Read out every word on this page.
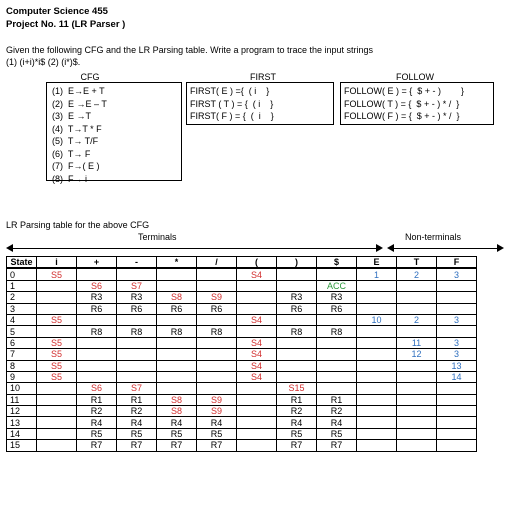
Computer Science 455
Project No. 11 (LR Parser )
Given the following CFG and the LR Parsing table. Write a program to trace the input strings
(1) (i+i)*i$ (2) (i*)$.
CFG
(1)  E→E + T
(2)  E →E – T
(3)  E →T
(4)  T→T * F
(5)  T→ T/F
(6)  T→ F
(7)  F→( E )
(8)  F→ i
FIRST
FIRST( E ) ={  ( i    }
FIRST ( T ) = {  ( i    }
FIRST( F ) = {  (  i    }
FOLLOW
FOLLOW( E ) = {  $ + - )        }
FOLLOW( T ) = {  $ + - ) * /  }
FOLLOW( F ) = {  $ + - ) * /  }
LR Parsing table for the above CFG
Terminals	Non-terminals
State	i	+	-	*	/	(	)	$	E	T	F
0	S5					S4			1	2	3
1		S6	S7					ACC			
2		R3	R3	S8	S9		R3	R3			
3		R6	R6	R6	R6		R6	R6			
4	S5					S4			10	2	3
5		R8	R8	R8	R8		R8	R8			
6	S5					S4				11	3
7	S5					S4				12	3
8	S5					S4					13
9	S5					S4					14
10		S6	S7				S15				
11		R1	R1	S8	S9		R1	R1			
12		R2	R2	S8	S9		R2	R2			
13		R4	R4	R4	R4		R4	R4			
14		R5	R5	R5	R5		R5	R5			
15		R7	R7	R7	R7		R7	R7			
